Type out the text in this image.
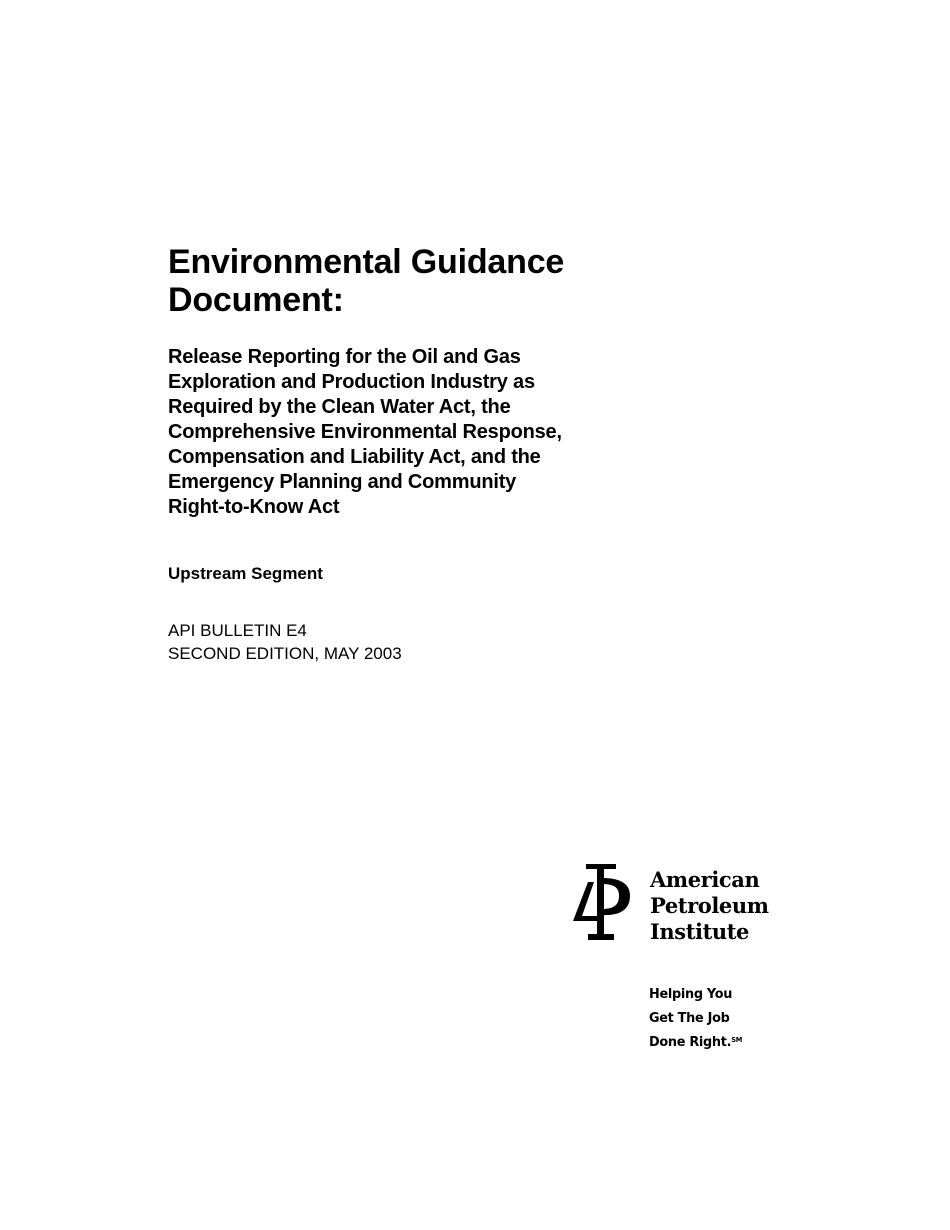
Environmental Guidance
Document:
Release Reporting for the Oil and Gas
Exploration and Production Industry as
Required by the Clean Water Act, the
Comprehensive Environmental Response,
Compensation and Liability Act, and the
Emergency Planning and Community
Right-to-Know Act

Upstream Segment

API BULLETIN E4
SECOND EDITION, MAY 2003

American
Petroleum
Institute
Helping You
Get The Job
Done Right.℠
